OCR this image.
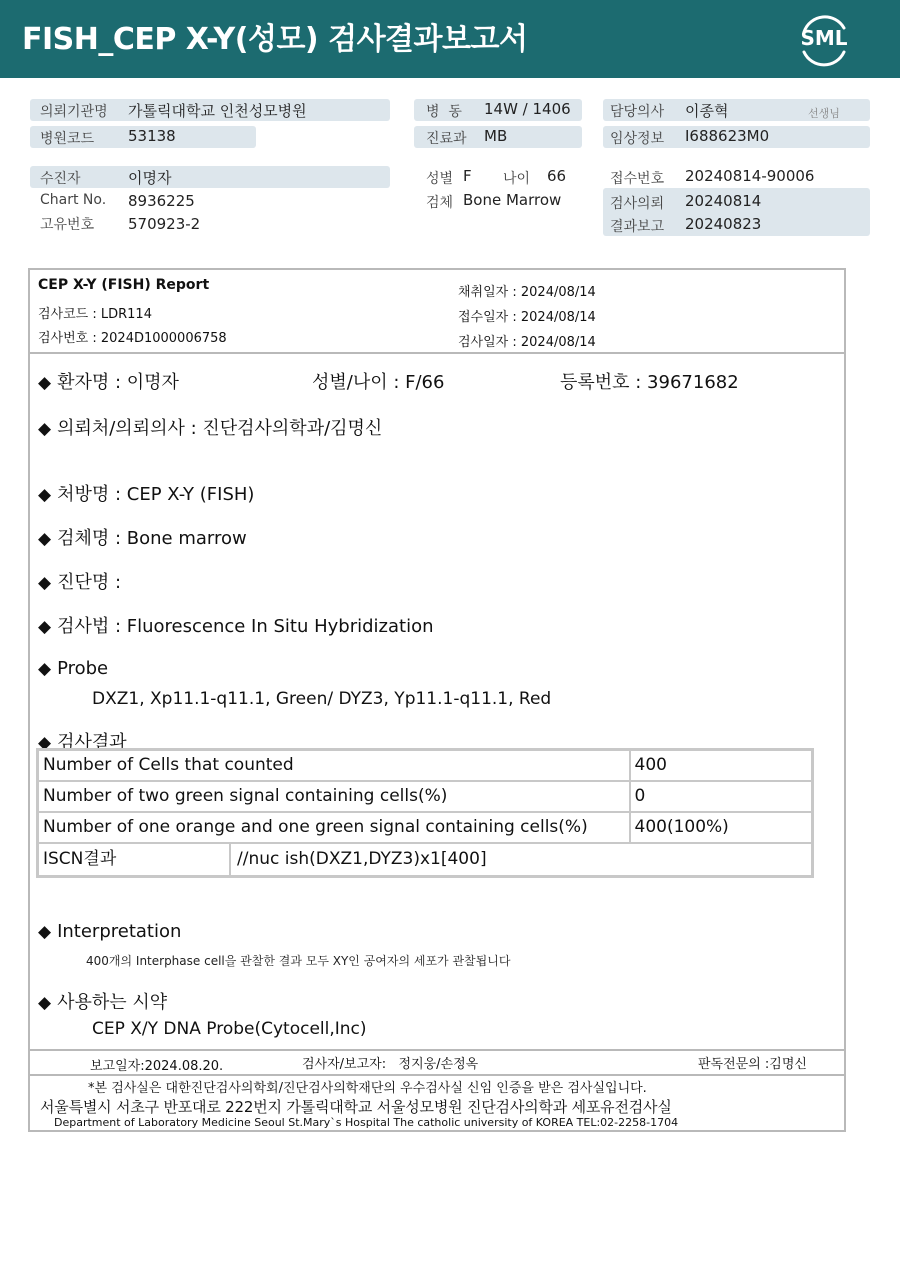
FISH_CEP X-Y(성모) 검사결과보고서	SML
의뢰기관명 가톨릭대학교 인천성모병원
병원코드 53138
병  동 14W / 1406
진료과 MB
담당의사 이종혁	선생님
임상정보 I688623M0
수진자	이명자
Chart No. 8936225
고유번호 570923-2
성별 F 나이 66
검체 Bone Marrow
접수번호 20240814-90006
검사의뢰 20240814
결과보고 20240823
CEP X-Y (FISH) Report
검사코드 : LDR114
검사번호 : 2024D1000006758
채취일자 : 2024/08/14
접수일자 : 2024/08/14
검사일자 : 2024/08/14
◆ 환자명 : 이명자	성별/나이 : F/66	등록번호 : 39671682
◆ 의뢰처/의뢰의사 : 진단검사의학과/김명신
◆ 처방명 : CEP X-Y (FISH)
◆ 검체명 : Bone marrow
◆ 진단명 :
◆ 검사법 : Fluorescence In Situ Hybridization
◆ Probe
DXZ1, Xp11.1-q11.1, Green/ DYZ3, Yp11.1-q11.1, Red
◆ 검사결과
Number of Cells that counted	400
Number of two green signal containing cells(%)	0
Number of one orange and one green signal containing cells(%)	400(100%)

ISCN결과 //nuc ish(DXZ1,DYZ3)x1[400]	
◆ Interpretation
400개의 Interphase cell을 관찰한 결과 모두 XY인 공여자의 세포가 관찰됩니다
◆ 사용하는 시약
CEP X/Y DNA Probe(Cytocell,Inc)
보고일자:2024.08.20.	검사자/보고자:   정지웅/손정옥	판독전문의 :김명신
*본 검사실은 대한진단검사의학회/진단검사의학재단의 우수검사실 신임 인증을 받은 검사실입니다.
서울특별시 서초구 반포대로 222번지 가톨릭대학교 서울성모병원 진단검사의학과 세포유전검사실
Department of Laboratory Medicine Seoul St.Mary`s Hospital The catholic university of KOREA TEL:02-2258-1704
